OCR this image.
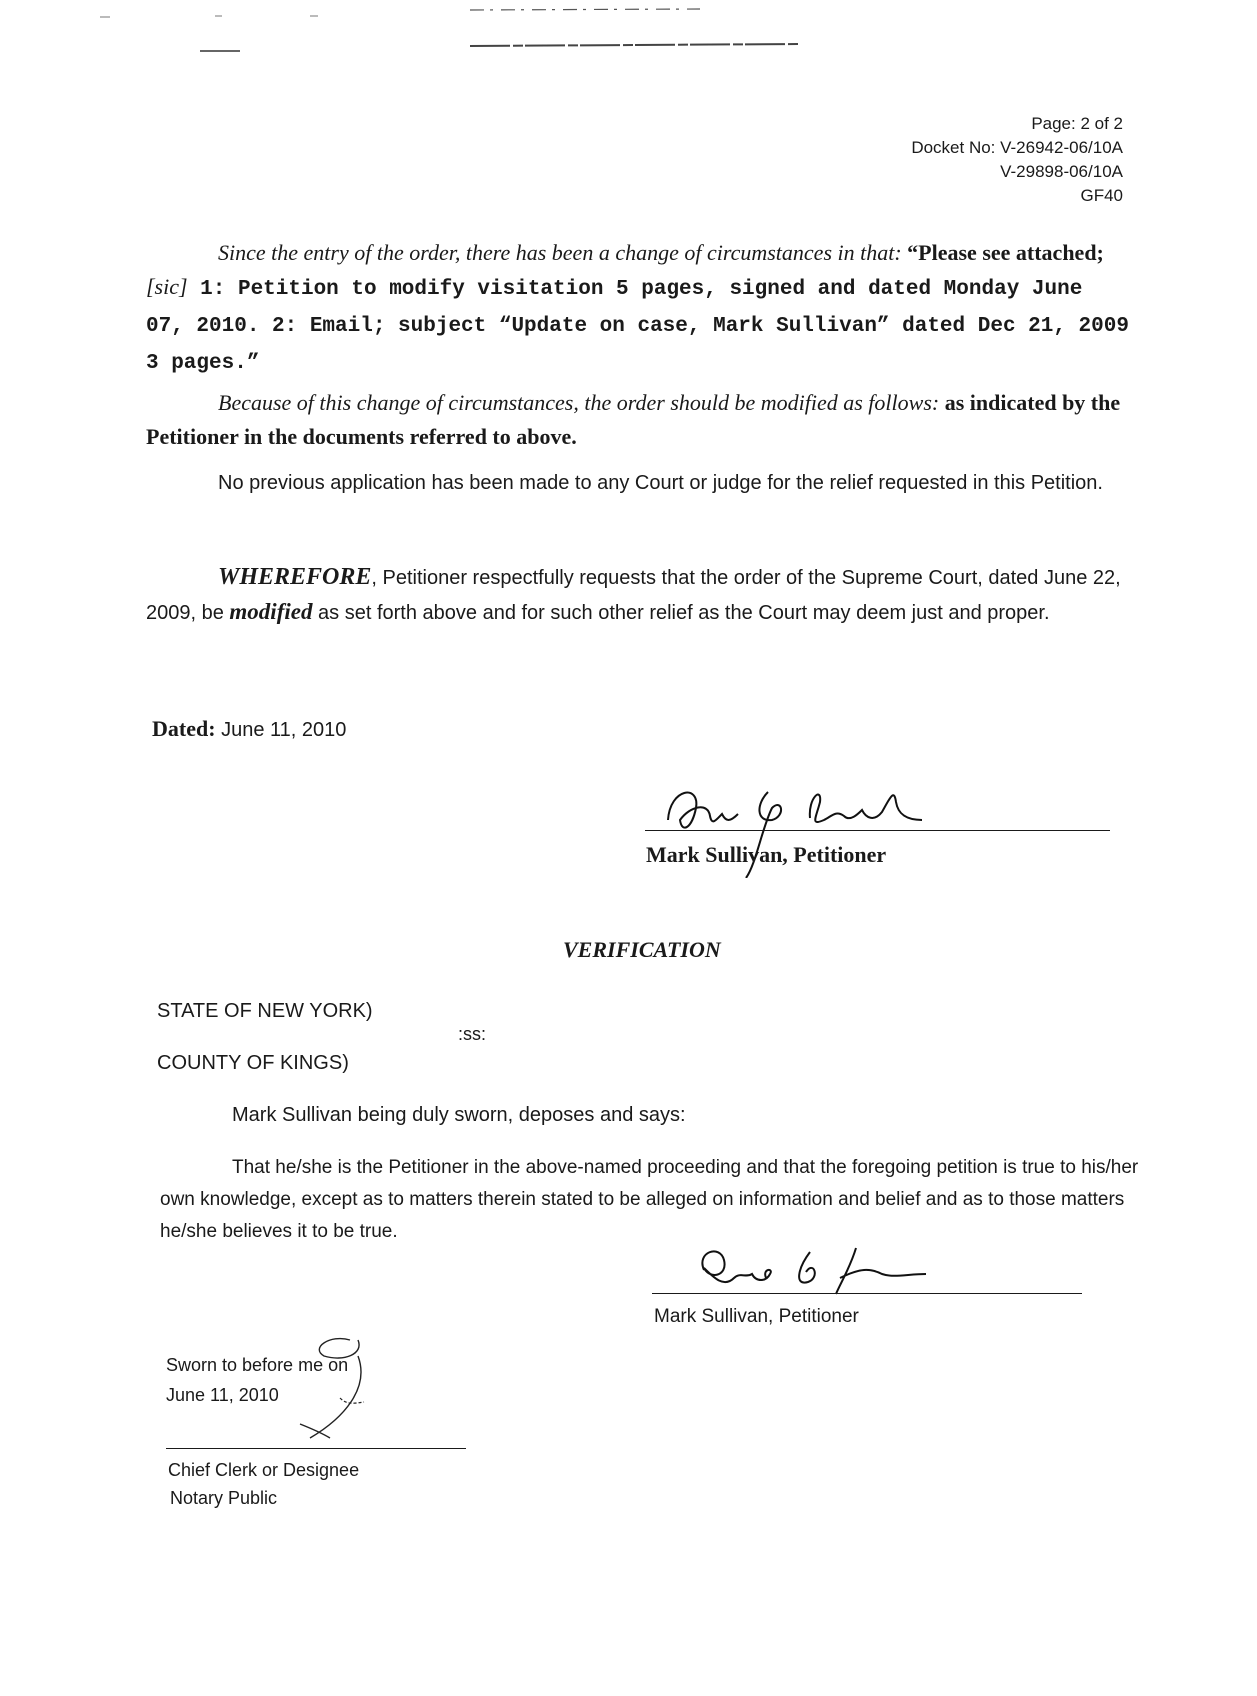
Page: 2 of 2
Docket No: V-26942-06/10A
V-29898-06/10A
GF40
Since the entry of the order, there has been a change of circumstances in that: “Please see attached; [sic] 1: Petition to modify visitation 5 pages, signed and dated Monday June 07, 2010. 2: Email; subject “Update on case, Mark Sullivan” dated Dec 21, 2009 3 pages.”
Because of this change of circumstances, the order should be modified as follows: as indicated by the Petitioner in the documents referred to above.
No previous application has been made to any Court or judge for the relief requested in this Petition.
WHEREFORE, Petitioner respectfully requests that the order of the Supreme Court, dated June 22, 2009, be modified as set forth above and for such other relief as the Court may deem just and proper.
Dated: June 11, 2010
Mark Sullivan, Petitioner
VERIFICATION
STATE OF NEW YORK)
:ss:
COUNTY OF KINGS)
Mark Sullivan being duly sworn, deposes and says:
That he/she is the Petitioner in the above-named proceeding and that the foregoing petition is true to his/her own knowledge, except as to matters therein stated to be alleged on information and belief and as to those matters he/she believes it to be true.
Mark Sullivan, Petitioner
Sworn to before me on
June 11, 2010
Chief Clerk or Designee
Notary Public
